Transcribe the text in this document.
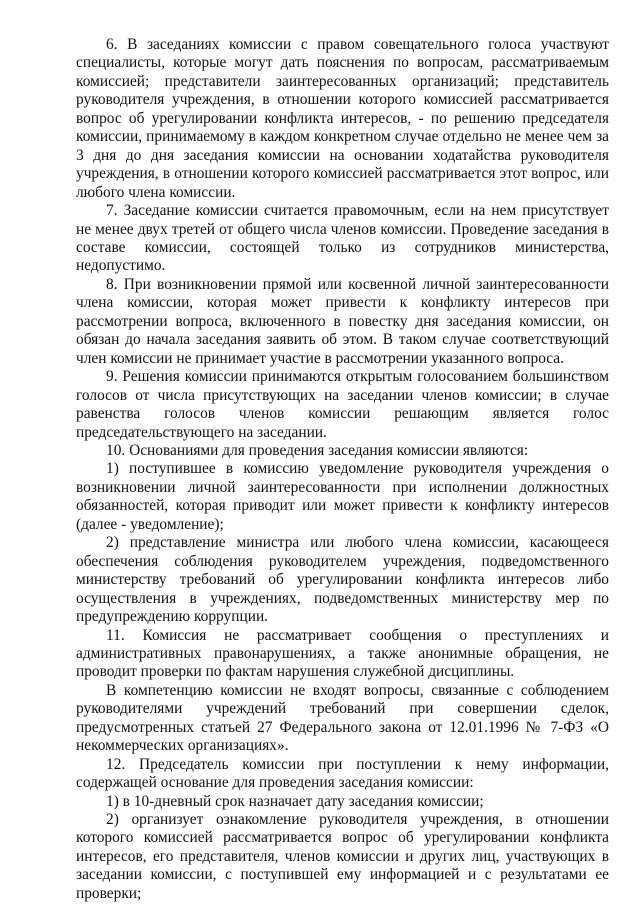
6. В заседаниях комиссии с правом совещательного голоса участвуют специалисты, которые могут дать пояснения по вопросам, рассматриваемым комиссией; представители заинтересованных организаций; представитель руководителя учреждения, в отношении которого комиссией рассматривается вопрос об урегулировании конфликта интересов, - по решению председателя комиссии, принимаемому в каждом конкретном случае отдельно не менее чем за 3 дня до дня заседания комиссии на основании ходатайства руководителя учреждения, в отношении которого комиссией рассматривается этот вопрос, или любого члена комиссии.

7. Заседание комиссии считается правомочным, если на нем присутствует не менее двух третей от общего числа членов комиссии. Проведение заседания в составе комиссии, состоящей только из сотрудников министерства, недопустимо.

8. При возникновении прямой или косвенной личной заинтересованности члена комиссии, которая может привести к конфликту интересов при рассмотрении вопроса, включенного в повестку дня заседания комиссии, он обязан до начала заседания заявить об этом. В таком случае соответствующий член комиссии не принимает участие в рассмотрении указанного вопроса.

9. Решения комиссии принимаются открытым голосованием большинством голосов от числа присутствующих на заседании членов комиссии; в случае равенства голосов членов комиссии решающим является голос председательствующего на заседании.

10. Основаниями для проведения заседания комиссии являются:

1) поступившее в комиссию уведомление руководителя учреждения о возникновении личной заинтересованности при исполнении должностных обязанностей, которая приводит или может привести к конфликту интересов (далее - уведомление);

2) представление министра или любого члена комиссии, касающееся обеспечения соблюдения руководителем учреждения, подведомственного министерству требований об урегулировании конфликта интересов либо осуществления в учреждениях, подведомственных министерству мер по предупреждению коррупции.

11. Комиссия не рассматривает сообщения о преступлениях и административных правонарушениях, а также анонимные обращения, не проводит проверки по фактам нарушения служебной дисциплины.

В компетенцию комиссии не входят вопросы, связанные с соблюдением руководителями учреждений требований при совершении сделок, предусмотренных статьей 27 Федерального закона от 12.01.1996 № 7-ФЗ «О некоммерческих организациях».

12. Председатель комиссии при поступлении к нему информации, содержащей основание для проведения заседания комиссии:

1) в 10-дневный срок назначает дату заседания комиссии;

2) организует ознакомление руководителя учреждения, в отношении которого комиссией рассматривается вопрос об урегулировании конфликта интересов, его представителя, членов комиссии и других лиц, участвующих в заседании комиссии, с поступившей ему информацией и с результатами ее проверки;
